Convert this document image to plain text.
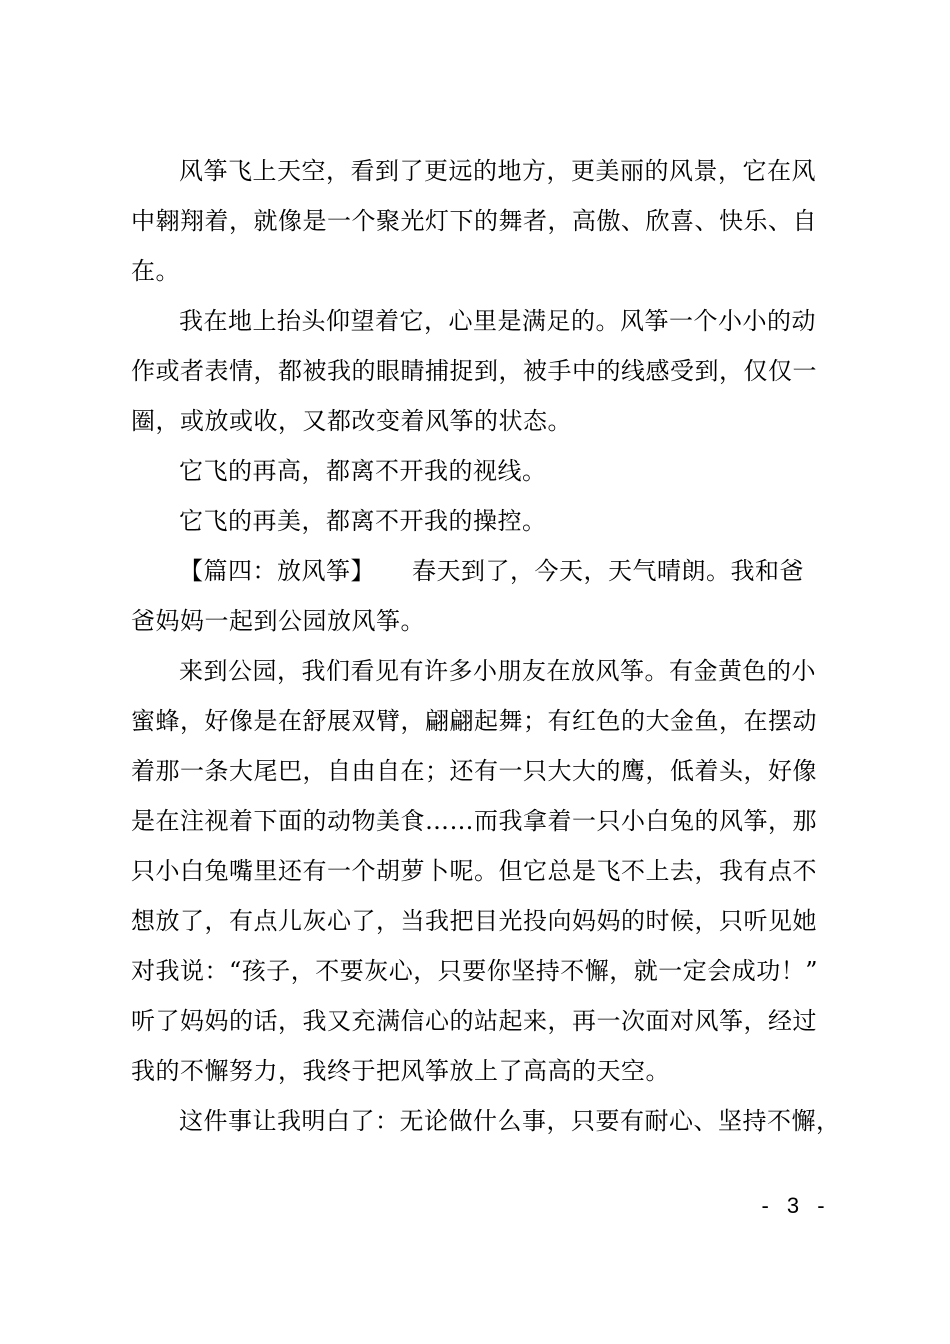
风筝飞上天空，看到了更远的地方，更美丽的风景，它在风
中翱翔着，就像是一个聚光灯下的舞者，高傲、欣喜、快乐、自
在。

我在地上抬头仰望着它，心里是满足的。风筝一个小小的动
作或者表情，都被我的眼睛捕捉到，被手中的线感受到，仅仅一
圈，或放或收，又都改变着风筝的状态。

它飞的再高，都离不开我的视线。

它飞的再美，都离不开我的操控。

【篇四：放风筝】　　春天到了，今天，天气晴朗。我和爸
爸妈妈一起到公园放风筝。

来到公园，我们看见有许多小朋友在放风筝。有金黄色的小
蜜蜂，好像是在舒展双臂，翩翩起舞；有红色的大金鱼，在摆动
着那一条大尾巴，自由自在；还有一只大大的鹰，低着头，好像
是在注视着下面的动物美食……而我拿着一只小白兔的风筝，那
只小白兔嘴里还有一个胡萝卜呢。但它总是飞不上去，我有点不
想放了，有点儿灰心了，当我把目光投向妈妈的时候，只听见她
对我说：“孩子，不要灰心，只要你坚持不懈，就一定会成功！”
听了妈妈的话，我又充满信心的站起来，再一次面对风筝，经过
我的不懈努力，我终于把风筝放上了高高的天空。

这件事让我明白了：无论做什么事，只要有耐心、坚持不懈，

- 3 -
